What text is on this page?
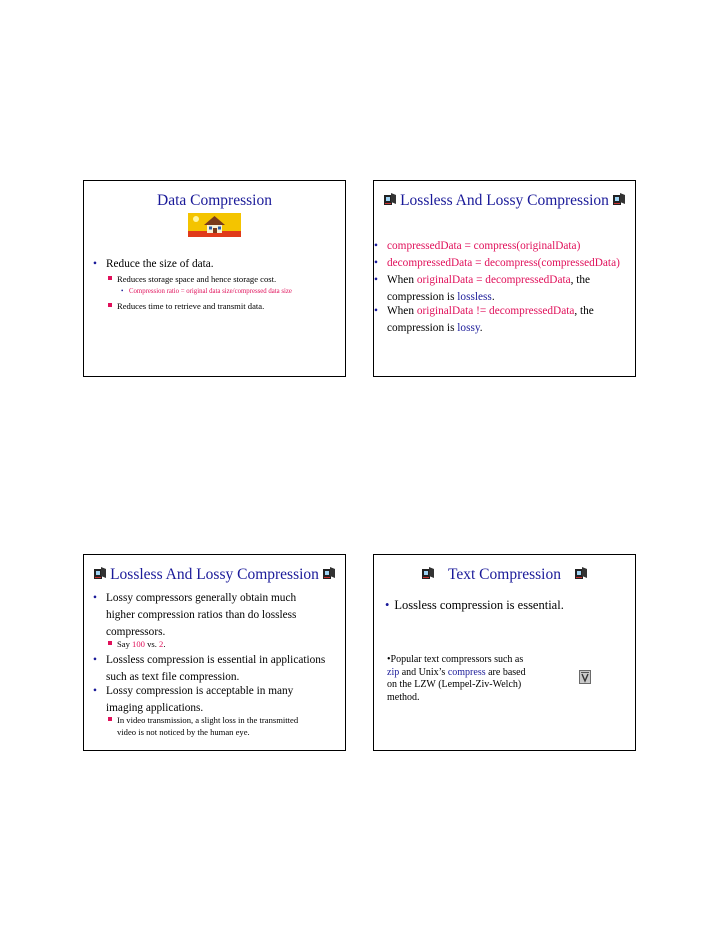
Data Compression
• Reduce the size of data.
Reduces storage space and hence storage cost.
• Compression ratio = original data size/compressed data size
Reduces time to retrieve and transmit data.
Lossless And Lossy Compression
• compressedData = compress(originalData)
• decompressedData = decompress(compressedData)
• When originalData = decompressedData, the
compression is lossless.
• When originalData != decompressedData, the
compression is lossy.
Lossless And Lossy Compression
• Lossy compressors generally obtain much
higher compression ratios than do lossless
compressors.
Say 100 vs. 2.
• Lossless compression is essential in applications
such as text file compression.
• Lossy compression is acceptable in many
imaging applications.
In video transmission, a slight loss in the transmitted
video is not noticed by the human eye.
Text Compression
• Lossless compression is essential.
•Popular text compressors such as
zip and Unix’s compress are based
on the LZW (Lempel-Ziv-Welch)
method.
